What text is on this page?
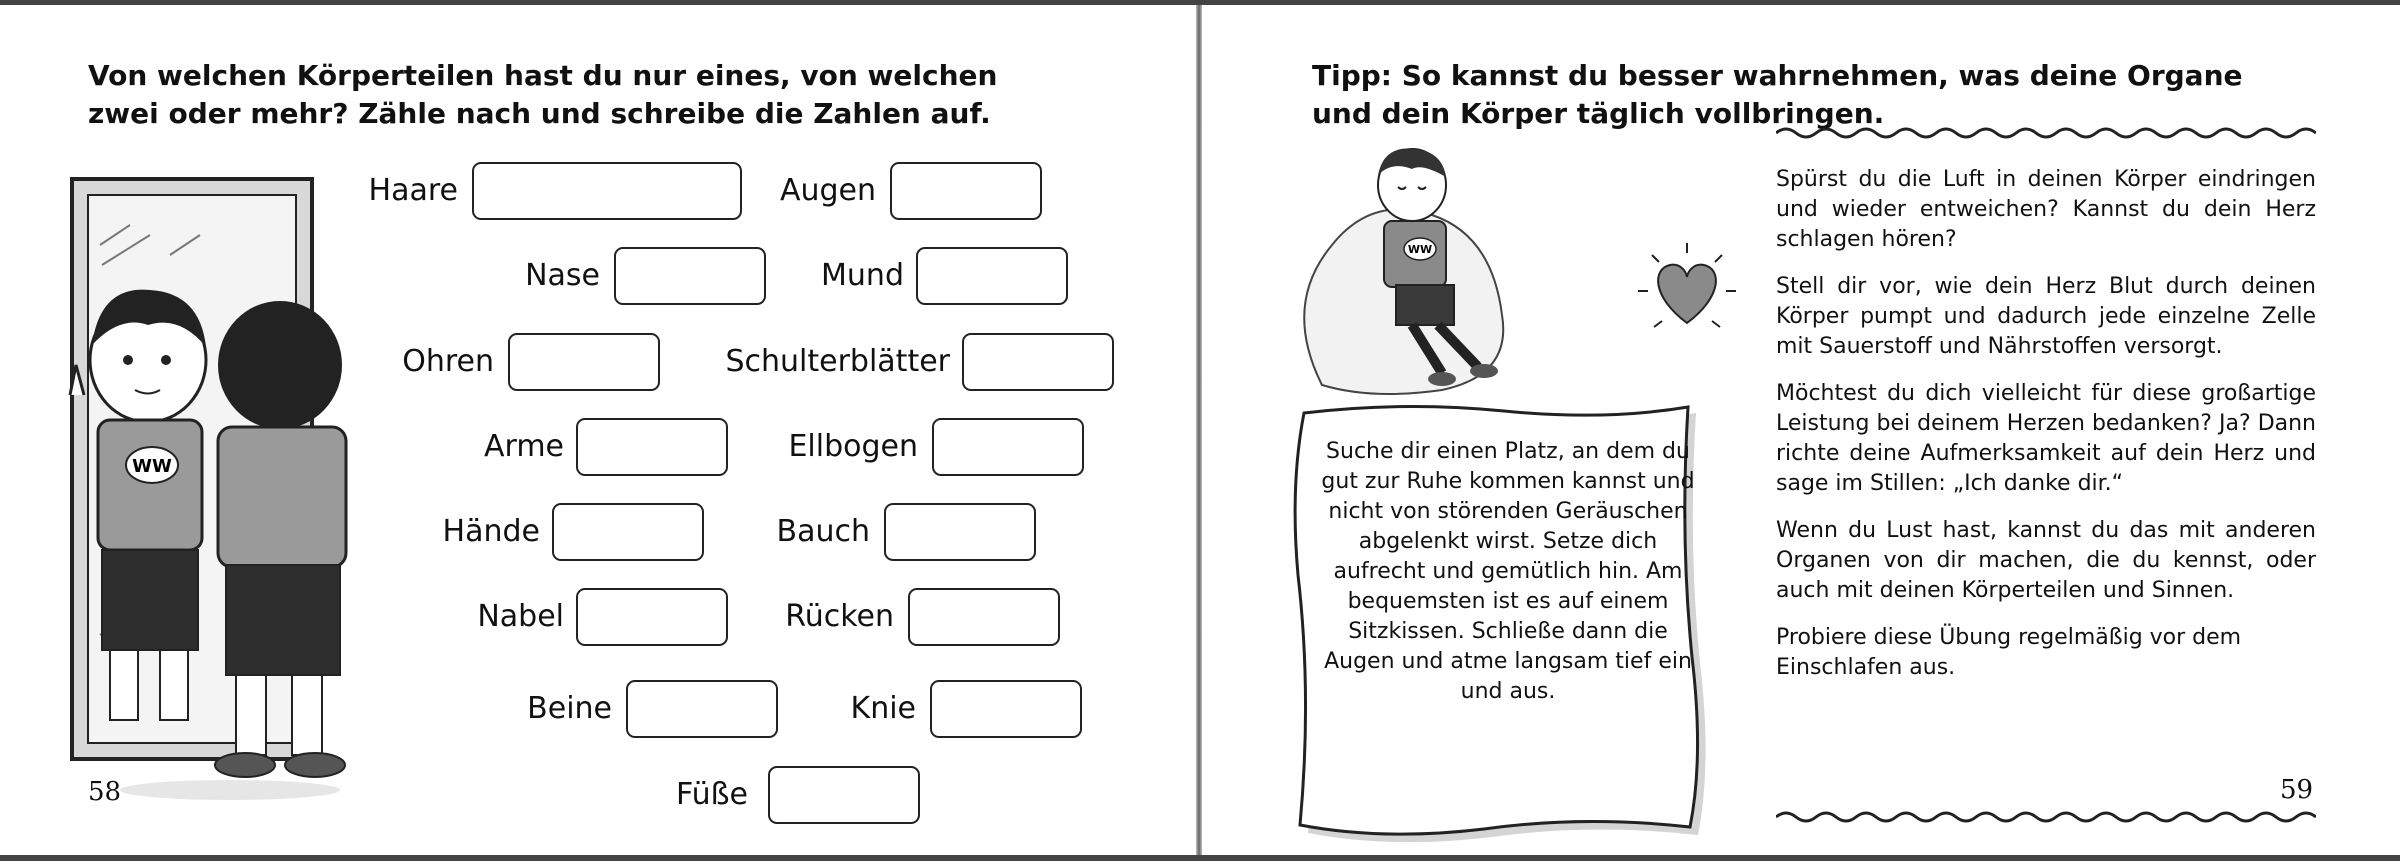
Von welchen Körperteilen hast du nur eines, von welchen zwei oder mehr? Zähle nach und schreibe die Zahlen auf.
WW
58
Haare	Augen
Nase	Mund
Ohren	Schulterblätter
Arme	Ellbogen
Hände	Bauch
Nabel	Rücken
Beine	Knie
Füße
Tipp: So kannst du besser wahrnehmen, was deine Organe und dein Körper täglich vollbringen.
WW
Suche dir einen Platz, an dem du gut zur Ruhe kommen kannst und nicht von störenden Geräuschen abgelenkt wirst. Setze dich aufrecht und gemütlich hin. Am bequemsten ist es auf einem Sitzkissen. Schließe dann die Augen und atme langsam tief ein und aus.

Spürst du die Luft in deinen Körper eindringen und wieder entweichen? Kannst du dein Herz schlagen hören?

Stell dir vor, wie dein Herz Blut durch deinen Körper pumpt und dadurch jede einzelne Zelle mit Sauerstoff und Nährstoffen versorgt.

Möchtest du dich vielleicht für diese großartige Leistung bei deinem Herzen bedanken? Ja? Dann richte deine Aufmerksamkeit auf dein Herz und sage im Stillen: „Ich danke dir.“

Wenn du Lust hast, kannst du das mit anderen Organen von dir machen, die du kennst, oder auch mit deinen Körperteilen und Sinnen.

Probiere diese Übung regelmäßig vor dem Einschlafen aus.

59
